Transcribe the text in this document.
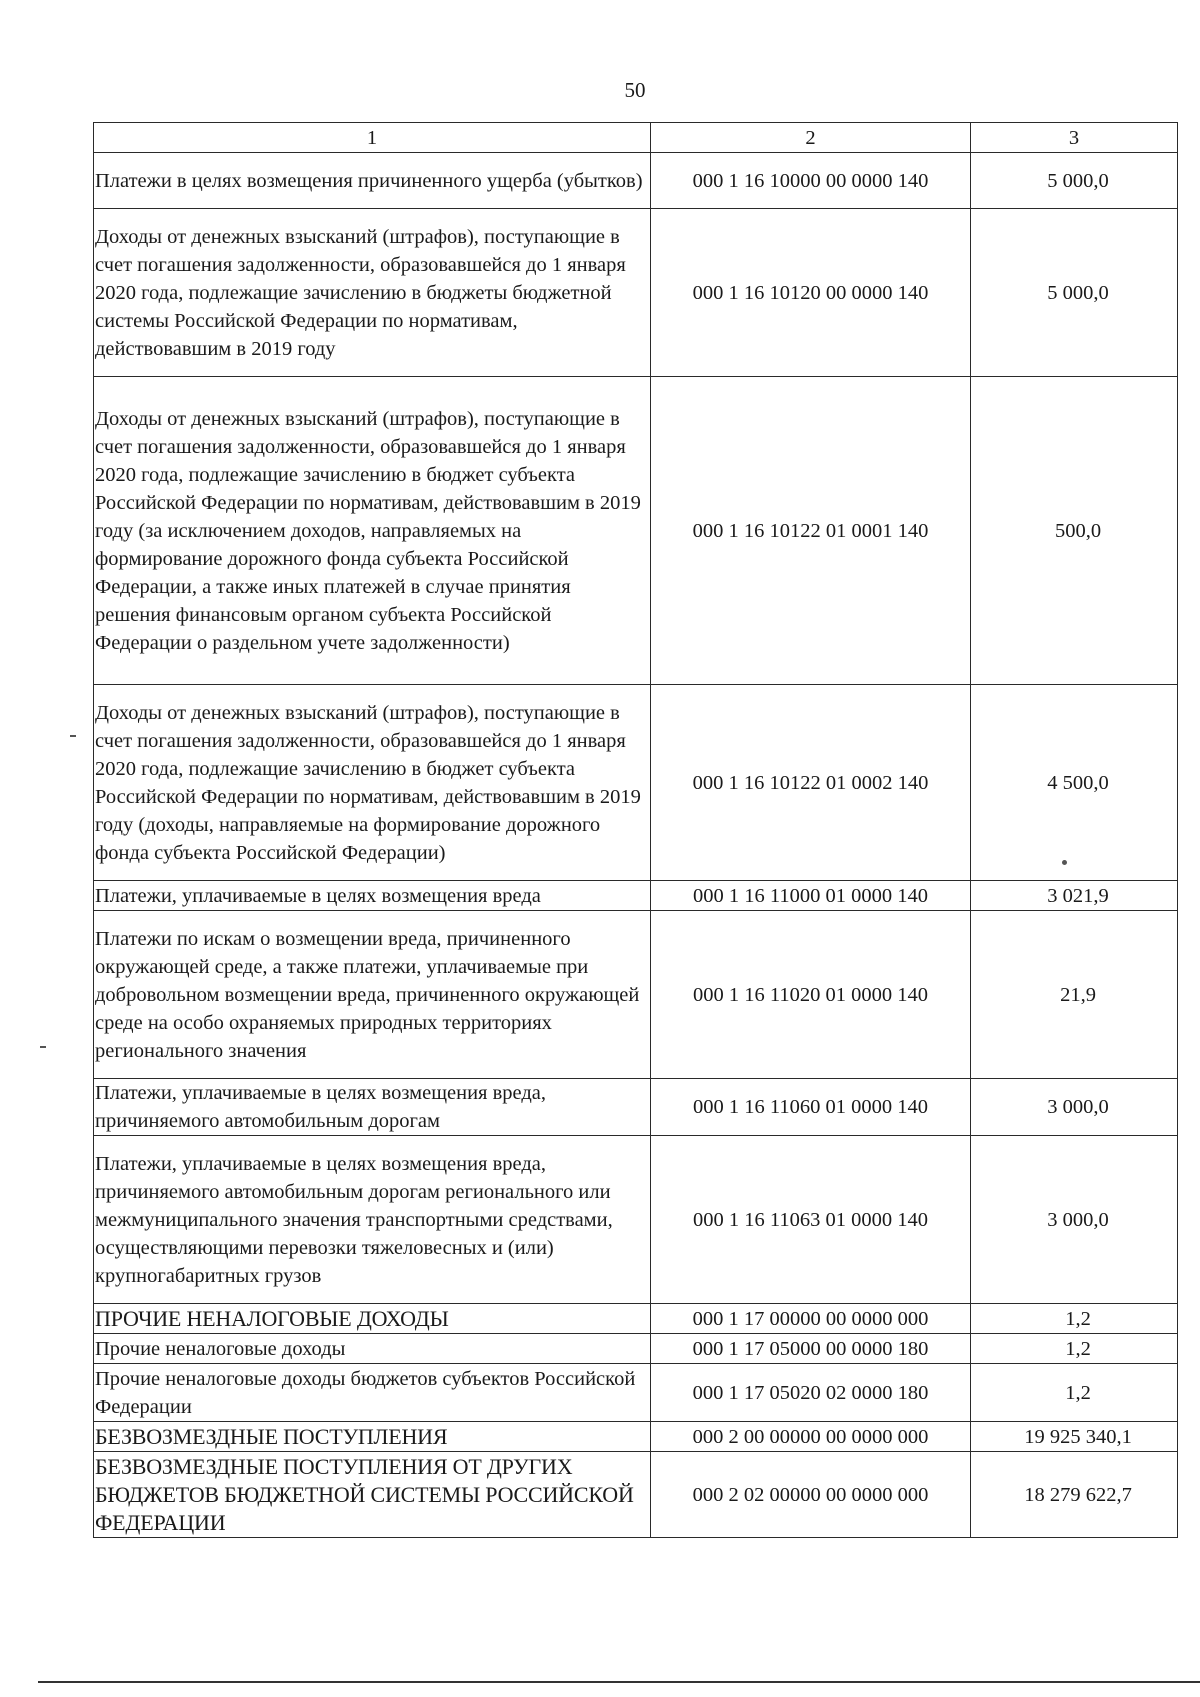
50
1	2	3
Платежи в целях возмещения причиненного ущерба (убытков)	000 1 16 10000 00 0000 140	5 000,0
Доходы от денежных взысканий (штрафов), поступающие в счет погашения задолженности, образовавшейся до 1 января 2020 года, подлежащие зачислению в бюджеты бюджетной системы Российской Федерации по нормативам, действовавшим в 2019 году	000 1 16 10120 00 0000 140	5 000,0
Доходы от денежных взысканий (штрафов), поступающие в счет погашения задолженности, образовавшейся до 1 января 2020 года, подлежащие зачислению в бюджет субъекта Российской Федерации по нормативам, действовавшим в 2019 году (за исключением доходов, направляемых на формирование дорожного фонда субъекта Российской Федерации, а также иных платежей в случае принятия решения финансовым органом субъекта Российской Федерации о раздельном учете задолженности)	000 1 16 10122 01 0001 140	500,0
Доходы от денежных взысканий (штрафов), поступающие в счет погашения задолженности, образовавшейся до 1 января 2020 года, подлежащие зачислению в бюджет субъекта Российской Федерации по нормативам, действовавшим в 2019 году (доходы, направляемые на формирование дорожного фонда субъекта Российской Федерации)	000 1 16 10122 01 0002 140	4 500,0
Платежи, уплачиваемые в целях возмещения вреда	000 1 16 11000 01 0000 140	3 021,9
Платежи по искам о возмещении вреда, причиненного окружающей среде, а также платежи, уплачиваемые при добровольном возмещении вреда, причиненного окружающей среде на особо охраняемых природных территориях регионального значения	000 1 16 11020 01 0000 140	21,9
Платежи, уплачиваемые в целях возмещения вреда, причиняемого автомобильным дорогам	000 1 16 11060 01 0000 140	3 000,0
Платежи, уплачиваемые в целях возмещения вреда, причиняемого автомобильным дорогам регионального или межмуниципального значения транспортными средствами, осуществляющими перевозки тяжеловесных и (или) крупногабаритных грузов	000 1 16 11063 01 0000 140	3 000,0
ПРОЧИЕ НЕНАЛОГОВЫЕ ДОХОДЫ	000 1 17 00000 00 0000 000	1,2
Прочие неналоговые доходы	000 1 17 05000 00 0000 180	1,2
Прочие неналоговые доходы бюджетов субъектов Российской Федерации	000 1 17 05020 02 0000 180	1,2
БЕЗВОЗМЕЗДНЫЕ ПОСТУПЛЕНИЯ	000 2 00 00000 00 0000 000	19 925 340,1
БЕЗВОЗМЕЗДНЫЕ ПОСТУПЛЕНИЯ ОТ ДРУГИХ БЮДЖЕТОВ БЮДЖЕТНОЙ СИСТЕМЫ РОССИЙСКОЙ ФЕДЕРАЦИИ	000 2 02 00000 00 0000 000	18 279 622,7
